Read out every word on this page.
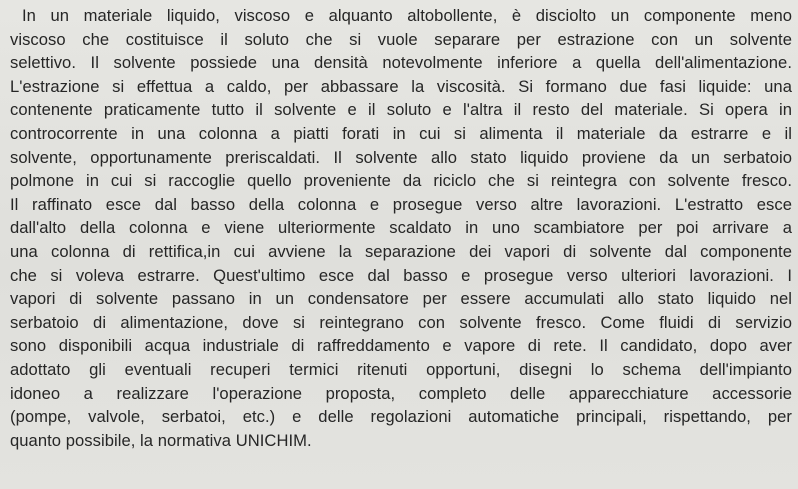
In un materiale liquido, viscoso e alquanto altobollente, è disciolto un componente meno
viscoso che costituisce il soluto che si vuole separare per estrazione con un solvente
selettivo. Il solvente possiede una densità notevolmente inferiore a quella dell'alimentazione.
L'estrazione si effettua a caldo, per abbassare la viscosità. Si formano due fasi liquide: una
contenente praticamente tutto il solvente e il soluto e l'altra il resto del materiale. Si opera in
controcorrente in una colonna a piatti forati in cui si alimenta il materiale da estrarre e il
solvente, opportunamente preriscaldati. Il solvente allo stato liquido proviene da un serbatoio
polmone in cui si raccoglie quello proveniente da riciclo che si reintegra con solvente fresco.
Il raffinato esce dal basso della colonna e prosegue verso altre lavorazioni. L'estratto esce
dall'alto della colonna e viene ulteriormente scaldato in uno scambiatore per poi arrivare a
una colonna di rettifica,in cui avviene la separazione dei vapori di solvente dal componente
che si voleva estrarre. Quest'ultimo esce dal basso e prosegue verso ulteriori lavorazioni. I
vapori di solvente passano in un condensatore per essere accumulati allo stato liquido nel
serbatoio di alimentazione, dove si reintegrano con solvente fresco. Come fluidi di servizio
sono disponibili acqua industriale di raffreddamento e vapore di rete. Il candidato, dopo aver
adottato gli eventuali recuperi termici ritenuti opportuni, disegni lo schema dell'impianto
idoneo a realizzare l'operazione proposta, completo delle apparecchiature accessorie
(pompe, valvole, serbatoi, etc.) e delle regolazioni automatiche principali, rispettando, per
quanto possibile, la normativa UNICHIM.
